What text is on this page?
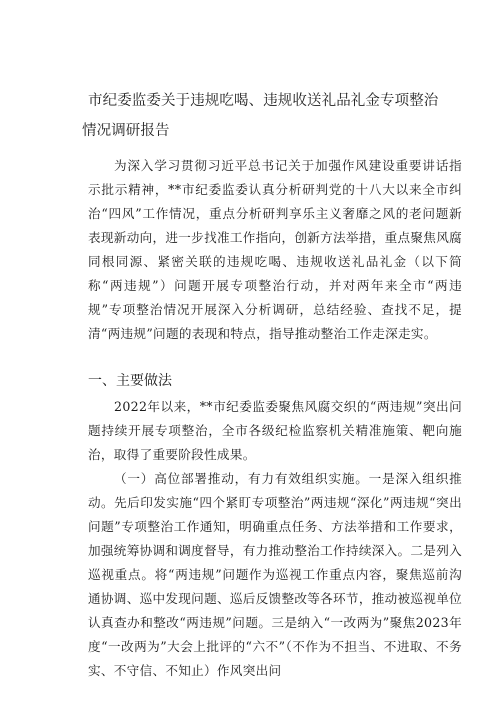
市纪委监委关于违规吃喝、违规收送礼品礼金专项整治情况调研报告
为深入学习贯彻习近平总书记关于加强作风建设重要讲话指示批示精神，**市纪委监委认真分析研判党的十八大以来全市纠治“四风”工作情况，重点分析研判享乐主义奢靡之风的老问题新表现新动向，进一步找准工作指向，创新方法举措，重点聚焦风腐同根同源、紧密关联的违规吃喝、违规收送礼品礼金（以下简称“两违规”）问题开展专项整治行动，并对两年来全市“两违规”专项整治情况开展深入分析调研，总结经验、查找不足，提清“两违规”问题的表现和特点，指导推动整治工作走深走实。
一、主要做法
2022年以来，**市纪委监委聚焦风腐交织的“两违规”突出问题持续开展专项整治，全市各级纪检监察机关精准施策、靶向施治，取得了重要阶段性成果。
（一）高位部署推动，有力有效组织实施。一是深入组织推动。先后印发实施“四个紧盯专项整治”两违规“深化”两违规“突出问题”专项整治工作通知，明确重点任务、方法举措和工作要求，加强统筹协调和调度督导，有力推动整治工作持续深入。二是列入巡视重点。将“两违规”问题作为巡视工作重点内容，聚焦巡前沟通协调、巡中发现问题、巡后反馈整改等各环节，推动被巡视单位认真查办和整改“两违规”问题。三是纳入“一改两为”聚焦2023年度“一改两为”大会上批评的“六不”（不作为不担当、不进取、不务实、不守信、不知止）作风突出问
